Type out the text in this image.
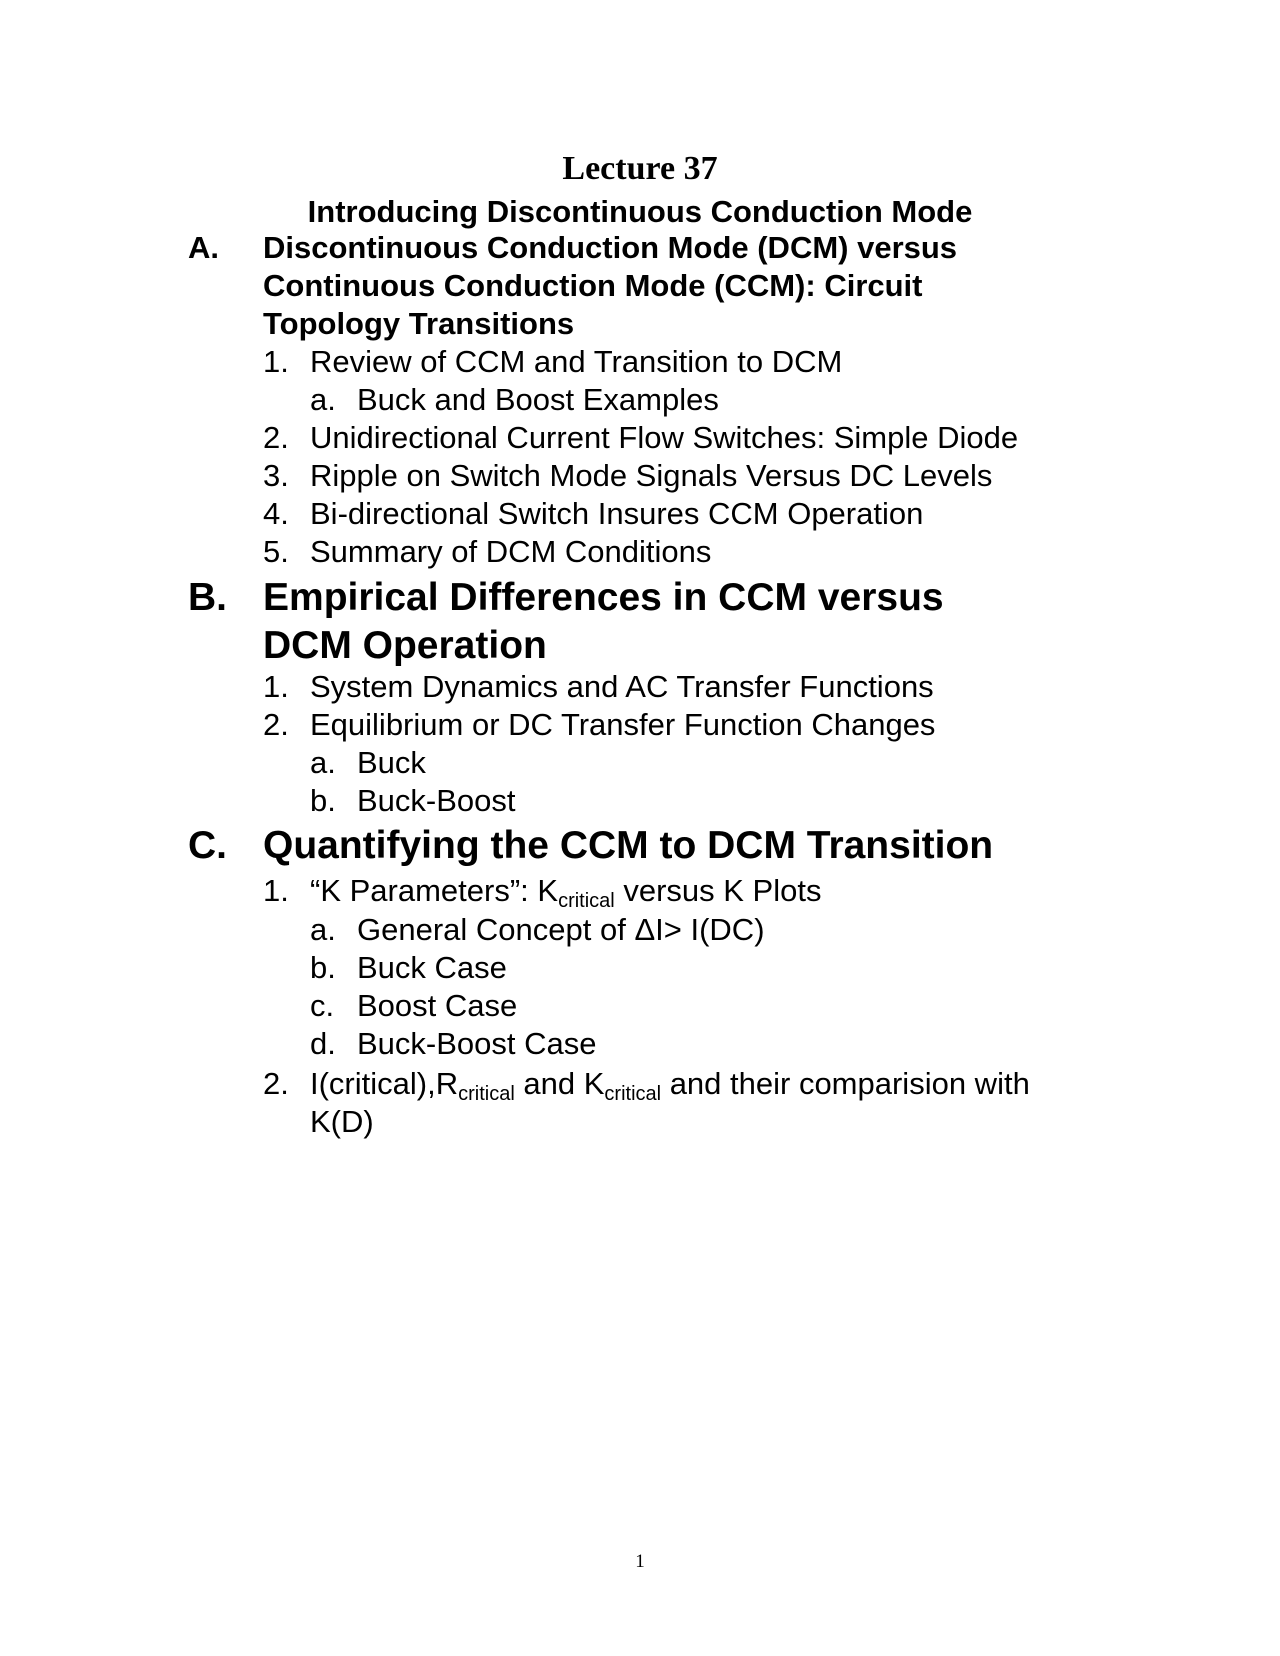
Lecture 37
Introducing Discontinuous Conduction Mode
A. Discontinuous Conduction Mode (DCM) versus
Continuous Conduction Mode (CCM): Circuit
Topology Transitions
1. Review of CCM and Transition to DCM
a. Buck and Boost Examples
2. Unidirectional Current Flow Switches: Simple Diode
3. Ripple on Switch Mode Signals Versus DC Levels
4. Bi-directional Switch Insures CCM Operation
5. Summary of DCM Conditions
B. Empirical Differences in CCM versus
DCM Operation
1. System Dynamics and AC Transfer Functions
2. Equilibrium or DC Transfer Function Changes
a. Buck
b. Buck-Boost
C. Quantifying the CCM to DCM Transition
1. “K Parameters”: $K_{critical}$ versus K Plots
a. General Concept of ΔI> I(DC)
b. Buck Case
c. Boost Case
d. Buck-Boost Case
2. $I(critical),R_{critical}$ and $K_{critical}$ and their comparision with
K(D)
1
